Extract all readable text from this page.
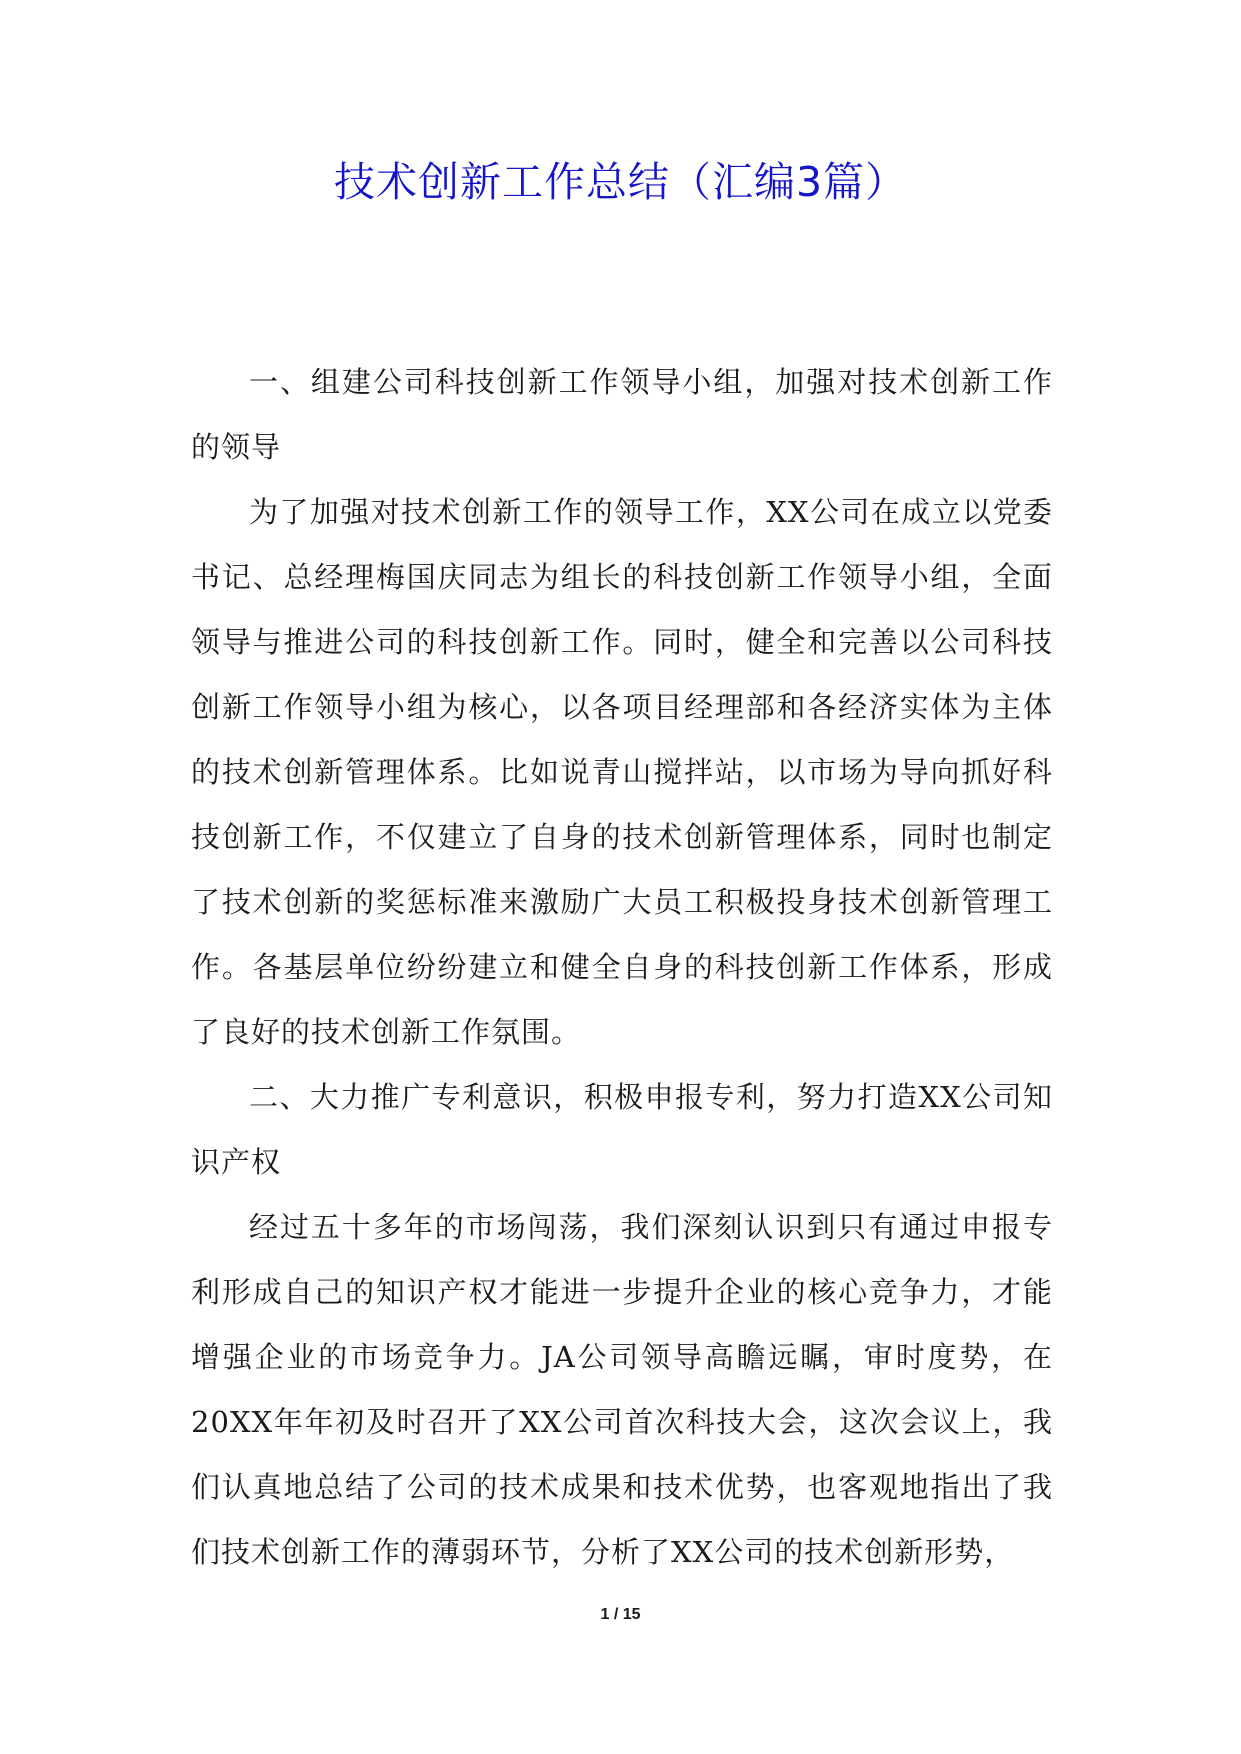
技术创新工作总结（汇编3篇）

一、组建公司科技创新工作领导小组，加强对技术创新工作的领导

为了加强对技术创新工作的领导工作，XX公司在成立以党委书记、总经理梅国庆同志为组长的科技创新工作领导小组，全面领导与推进公司的科技创新工作。同时，健全和完善以公司科技创新工作领导小组为核心，以各项目经理部和各经济实体为主体的技术创新管理体系。比如说青山搅拌站，以市场为导向抓好科技创新工作，不仅建立了自身的技术创新管理体系，同时也制定了技术创新的奖惩标准来激励广大员工积极投身技术创新管理工作。各基层单位纷纷建立和健全自身的科技创新工作体系，形成了良好的技术创新工作氛围。

二、大力推广专利意识，积极申报专利，努力打造XX公司知识产权

经过五十多年的市场闯荡，我们深刻认识到只有通过申报专利形成自己的知识产权才能进一步提升企业的核心竞争力，才能增强企业的市场竞争力。JA公司领导高瞻远瞩，审时度势，在20XX年年初及时召开了XX公司首次科技大会，这次会议上，我们认真地总结了公司的技术成果和技术优势，也客观地指出了我们技术创新工作的薄弱环节，分析了XX公司的技术创新形势，

1 / 15
